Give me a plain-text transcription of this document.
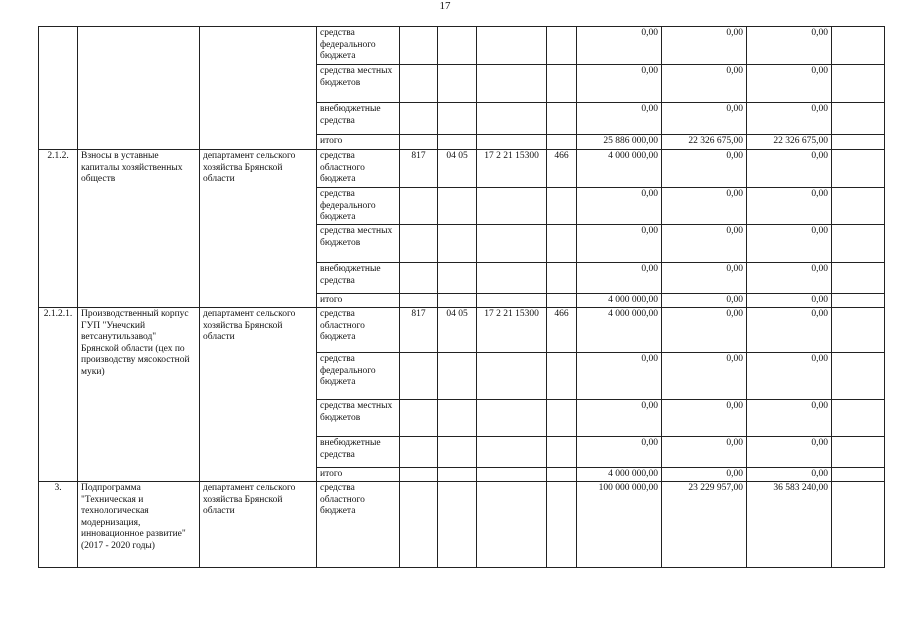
17
			средства федерального бюджета					0,00	0,00	0,00	
			средства местных бюджетов					0,00	0,00	0,00	
			внебюджетные средства					0,00	0,00	0,00	
			итого					25 886 000,00	22 326 675,00	22 326 675,00	
2.1.2.	Взносы в уставные капиталы хозяйственных обществ	департамент сельского хозяйства Брянской области	средства областного бюджета	817	04 05	17 2 21 15300	466	4 000 000,00	0,00	0,00	
			средства федерального бюджета					0,00	0,00	0,00	
			средства местных бюджетов					0,00	0,00	0,00	
			внебюджетные средства					0,00	0,00	0,00	
			итого					4 000 000,00	0,00	0,00	
2.1.2.1.	Производственный корпус ГУП "Унечский ветсанутильзавод" Брянской области (цех по производству мясокостной муки)	департамент сельского хозяйства Брянской области	средства областного бюджета	817	04 05	17 2 21 15300	466	4 000 000,00	0,00	0,00	
			средства федерального бюджета					0,00	0,00	0,00	
			средства местных бюджетов					0,00	0,00	0,00	
			внебюджетные средства					0,00	0,00	0,00	
			итого					4 000 000,00	0,00	0,00	
3.	Подпрограмма "Техническая и технологическая модернизация, инновационное развитие" (2017 - 2020 годы)	департамент сельского хозяйства Брянской области	средства областного бюджета					100 000 000,00	23 229 957,00	36 583 240,00	
